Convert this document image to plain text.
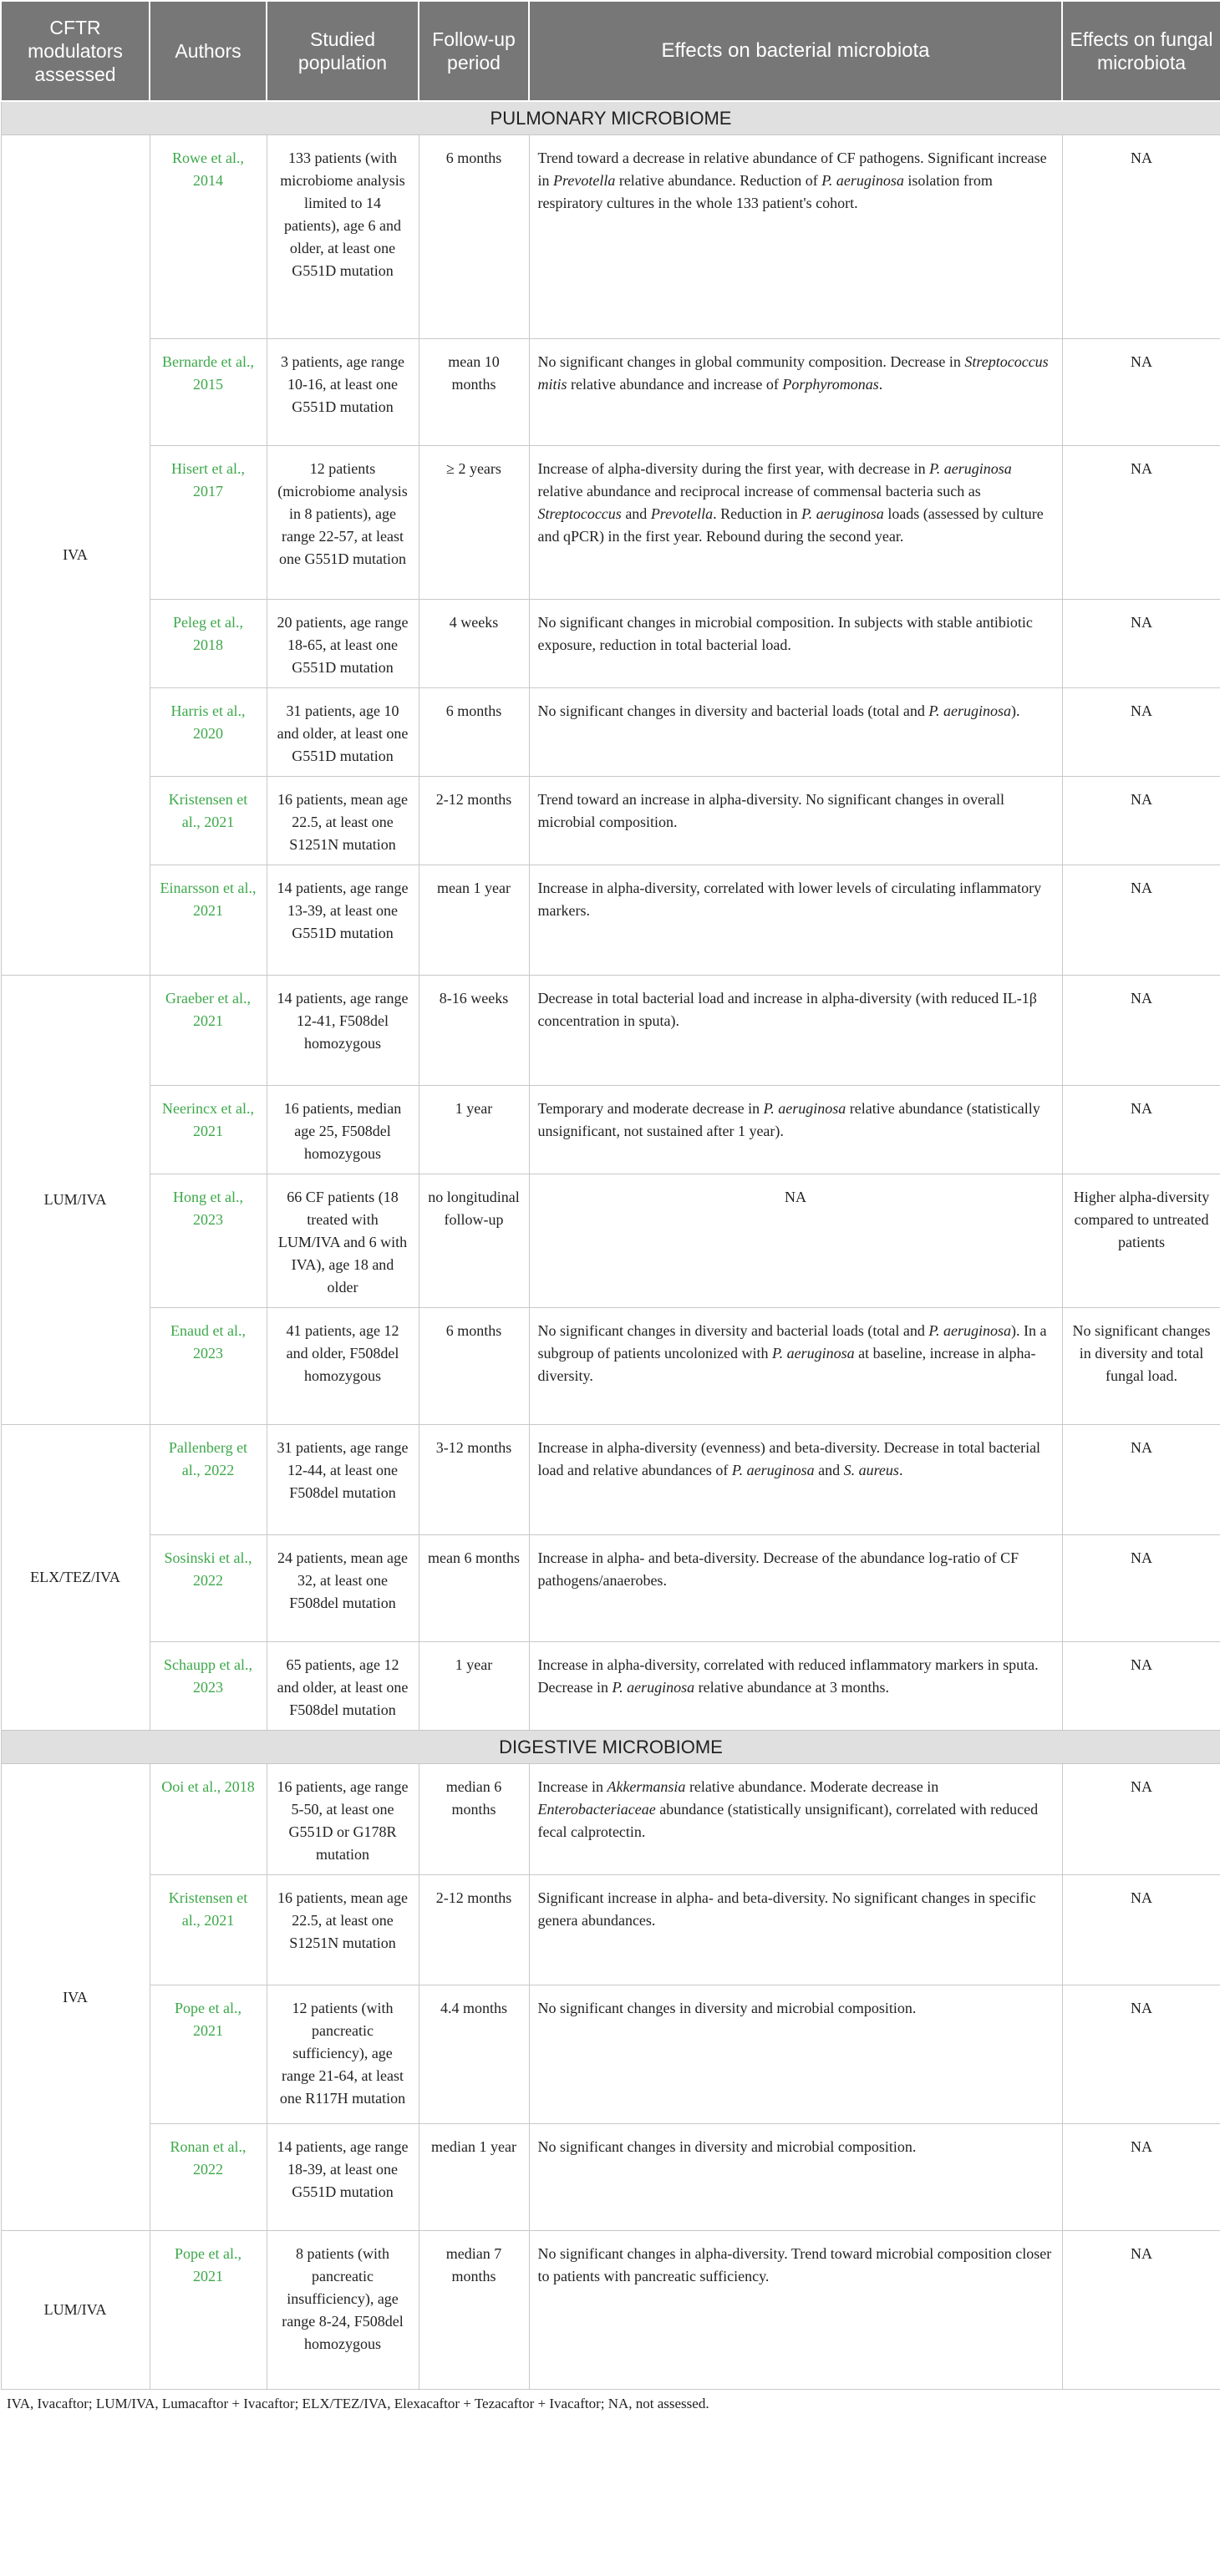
CFTR modulators assessed	Authors	Studied population	Follow-up period	Effects on bacterial microbiota	Effects on fungal microbiota
PULMONARY MICROBIOME					
IVA	Rowe et al., 2014	133 patients (with microbiome analysis limited to 14 patients), age 6 and older, at least one G551D mutation	6 months	Trend toward a decrease in relative abundance of CF pathogens. Significant increase in Prevotella relative abundance. Reduction of P. aeruginosa isolation from respiratory cultures in the whole 133 patient's cohort.	NA
	Bernarde et al., 2015	3 patients, age range 10-16, at least one G551D mutation	mean 10 months	No significant changes in global community composition. Decrease in Streptococcus mitis relative abundance and increase of Porphyromonas.	NA
	Hisert et al., 2017	12 patients (microbiome analysis in 8 patients), age range 22-57, at least one G551D mutation	≥ 2 years	Increase of alpha-diversity during the first year, with decrease in P. aeruginosa relative abundance and reciprocal increase of commensal bacteria such as Streptococcus and Prevotella. Reduction in P. aeruginosa loads (assessed by culture and qPCR) in the first year. Rebound during the second year.	NA
	Peleg et al., 2018	20 patients, age range 18-65, at least one G551D mutation	4 weeks	No significant changes in microbial composition. In subjects with stable antibiotic exposure, reduction in total bacterial load.	NA
	Harris et al., 2020	31 patients, age 10 and older, at least one G551D mutation	6 months	No significant changes in diversity and bacterial loads (total and P. aeruginosa).	NA
	Kristensen et al., 2021	16 patients, mean age 22.5, at least one S1251N mutation	2-12 months	Trend toward an increase in alpha-diversity. No significant changes in overall microbial composition.	NA
	Einarsson et al., 2021	14 patients, age range 13-39, at least one G551D mutation	mean 1 year	Increase in alpha-diversity, correlated with lower levels of circulating inflammatory markers.	NA
LUM/IVA	Graeber et al., 2021	14 patients, age range 12-41, F508del homozygous	8-16 weeks	Decrease in total bacterial load and increase in alpha-diversity (with reduced IL-1β concentration in sputa).	NA
	Neerincx et al., 2021	16 patients, median age 25, F508del homozygous	1 year	Temporary and moderate decrease in P. aeruginosa relative abundance (statistically unsignificant, not sustained after 1 year).	NA
	Hong et al., 2023	66 CF patients (18 treated with LUM/IVA and 6 with IVA), age 18 and older	no longitudinal follow-up	NA	Higher alpha-diversity compared to untreated patients
	Enaud et al., 2023	41 patients, age 12 and older, F508del homozygous	6 months	No significant changes in diversity and bacterial loads (total and P. aeruginosa). In a subgroup of patients uncolonized with P. aeruginosa at baseline, increase in alpha-diversity.	No significant changes in diversity and total fungal load.
ELX/TEZ/IVA	Pallenberg et al., 2022	31 patients, age range 12-44, at least one F508del mutation	3-12 months	Increase in alpha-diversity (evenness) and beta-diversity. Decrease in total bacterial load and relative abundances of P. aeruginosa and S. aureus.	NA
	Sosinski et al., 2022	24 patients, mean age 32, at least one F508del mutation	mean 6 months	Increase in alpha- and beta-diversity. Decrease of the abundance log-ratio of CF pathogens/anaerobes.	NA
	Schaupp et al., 2023	65 patients, age 12 and older, at least one F508del mutation	1 year	Increase in alpha-diversity, correlated with reduced inflammatory markers in sputa. Decrease in P. aeruginosa relative abundance at 3 months.	NA
DIGESTIVE MICROBIOME					
IVA	Ooi et al., 2018	16 patients, age range 5-50, at least one G551D or G178R mutation	median 6 months	Increase in Akkermansia relative abundance. Moderate decrease in Enterobacteriaceae abundance (statistically unsignificant), correlated with reduced fecal calprotectin.	NA
	Kristensen et al., 2021	16 patients, mean age 22.5, at least one S1251N mutation	2-12 months	Significant increase in alpha- and beta-diversity. No significant changes in specific genera abundances.	NA
	Pope et al., 2021	12 patients (with pancreatic sufficiency), age range 21-64, at least one R117H mutation	4.4 months	No significant changes in diversity and microbial composition.	NA
	Ronan et al., 2022	14 patients, age range 18-39, at least one G551D mutation	median 1 year	No significant changes in diversity and microbial composition.	NA
LUM/IVA	Pope et al., 2021	8 patients (with pancreatic insufficiency), age range 8-24, F508del homozygous	median 7 months	No significant changes in alpha-diversity. Trend toward microbial composition closer to patients with pancreatic sufficiency.	NA
IVA, Ivacaftor; LUM/IVA, Lumacaftor + Ivacaftor; ELX/TEZ/IVA, Elexacaftor + Tezacaftor + Ivacaftor; NA, not assessed.
